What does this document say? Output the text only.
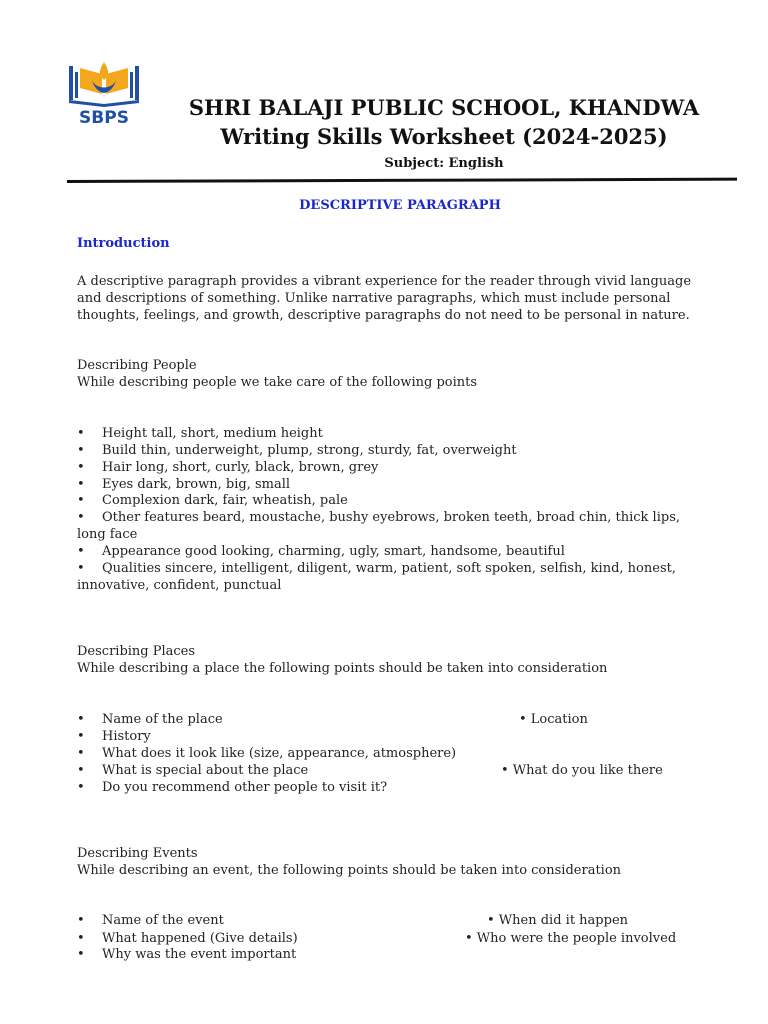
SBPS	SHRI BALAJI PUBLIC SCHOOL, KHANDWA
Writing Skills Worksheet (2024-2025)
Subject: English
DESCRIPTIVE PARAGRAPH
Introduction
A descriptive paragraph provides a vibrant experience for the reader through vivid language
and descriptions of something. Unlike narrative paragraphs, which must include personal
thoughts, feelings, and growth, descriptive paragraphs do not need to be personal in nature.
Describing People
While describing people we take care of the following points
• Height tall, short, medium height
• Build thin, underweight, plump, strong, sturdy, fat, overweight
• Hair long, short, curly, black, brown, grey
• Eyes dark, brown, big, small
• Complexion dark, fair, wheatish, pale
• Other features beard, moustache, bushy eyebrows, broken teeth, broad chin, thick lips,
long face
• Appearance good looking, charming, ugly, smart, handsome, beautiful
• Qualities sincere, intelligent, diligent, warm, patient, soft spoken, selfish, kind, honest,
innovative, confident, punctual
Describing Places
While describing a place the following points should be taken into consideration
• Name of the place
• History
• What does it look like (size, appearance, atmosphere)
• What is special about the place
• Do you recommend other people to visit it?
• Location
• What do you like there
Describing Events
While describing an event, the following points should be taken into consideration
• Name of the event
• What happened (Give details)
• Why was the event important
• When did it happen
• Who were the people involved
